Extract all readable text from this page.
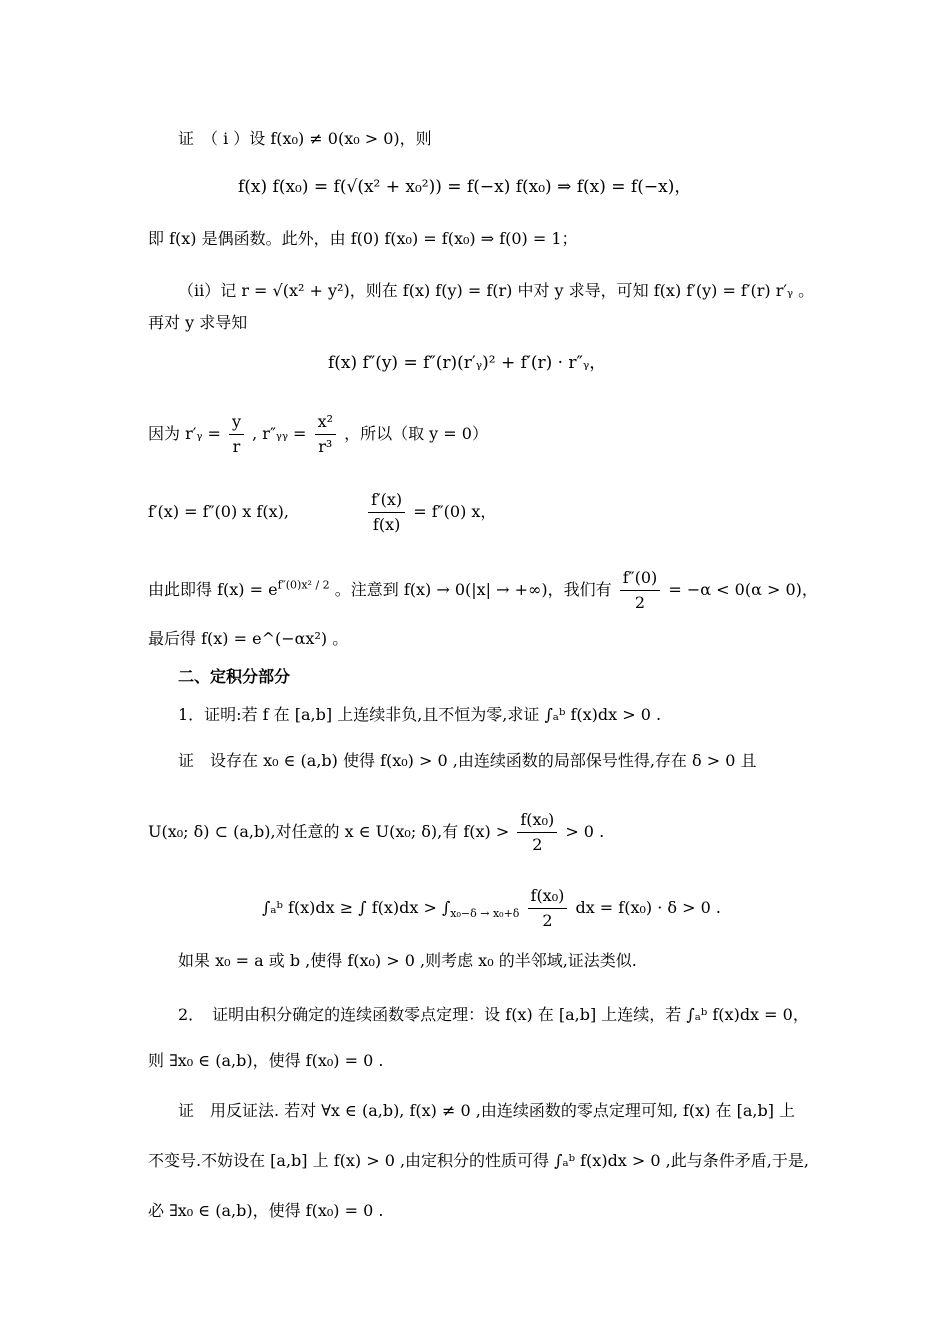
证　（ i ）设 f(x₀) ≠ 0(x₀ > 0)，则
f(x) f(x₀) = f(√(x² + x₀²)) = f(−x) f(x₀) ⇒ f(x) = f(−x)，
即 f(x) 是偶函数。此外，由 f(0) f(x₀) = f(x₀) ⇒ f(0) = 1；
（ii）记 r = √(x² + y²)，则在 f(x) f(y) = f(r) 中对 y 求导，可知 f(x) f′(y) = f′(r) r′ᵧ 。
再对 y 求导知
f(x) f″(y) = f″(r)(r′ᵧ)² + f′(r) · r″ᵧ，
因为 r′ᵧ = $\frac{y}{r}$ , r″ᵧᵧ = $\frac{\text{x²}}{\text{r³}}$ ，所以（取 y = 0）
f′(x) = f″(0) x f(x),	$\frac{f'(x)}{f(x)} = f''(0)$ x，
由此即得 $f(x) = e^{f''(0)x^2 / 2}$ 。注意到 f(x) → 0(|x| → +∞)，我们有 $\frac{f''(0)}{2} = -\alpha < 0(\alpha > 0)$，
最后得 f(x) = e^(−αx²) 。
二、定积分部分
1．证明:若 f 在 [a,b] 上连续非负,且不恒为零,求证 ∫ₐᵇ f(x)dx > 0 .
证　设存在 x₀ ∈ (a,b) 使得 f(x₀) > 0 ,由连续函数的局部保号性得,存在 δ > 0 且
U(x₀; δ) ⊂ (a,b),对任意的 x ∈ U(x₀; δ),有 $f(x) > \frac{\text{f(x₀)}}{2} > 0$ .
∫ₐᵇ f(x)dx ≥ ∫ $f(x)dx > \int_{x_0-\delta \to x_0+\delta} \frac{\text{f(x₀)}}{2}$ dx = f(x₀) · δ > 0 .
如果 x₀ = a 或 b ,使得 f(x₀) > 0 ,则考虑 x₀ 的半邻域,证法类似.
2．　证明由积分确定的连续函数零点定理：设 f(x) 在 [a,b] 上连续，若 ∫ₐᵇ f(x)dx = 0，
则 ∃x₀ ∈ (a,b)，使得 f(x₀) = 0 .
证　用反证法. 若对 ∀x ∈ (a,b), f(x) ≠ 0 ,由连续函数的零点定理可知, f(x) 在 [a,b] 上
不变号.不妨设在 [a,b] 上 f(x) > 0 ,由定积分的性质可得 ∫ₐᵇ f(x)dx > 0 ,此与条件矛盾,于是,
必 ∃x₀ ∈ (a,b)，使得 f(x₀) = 0 .
